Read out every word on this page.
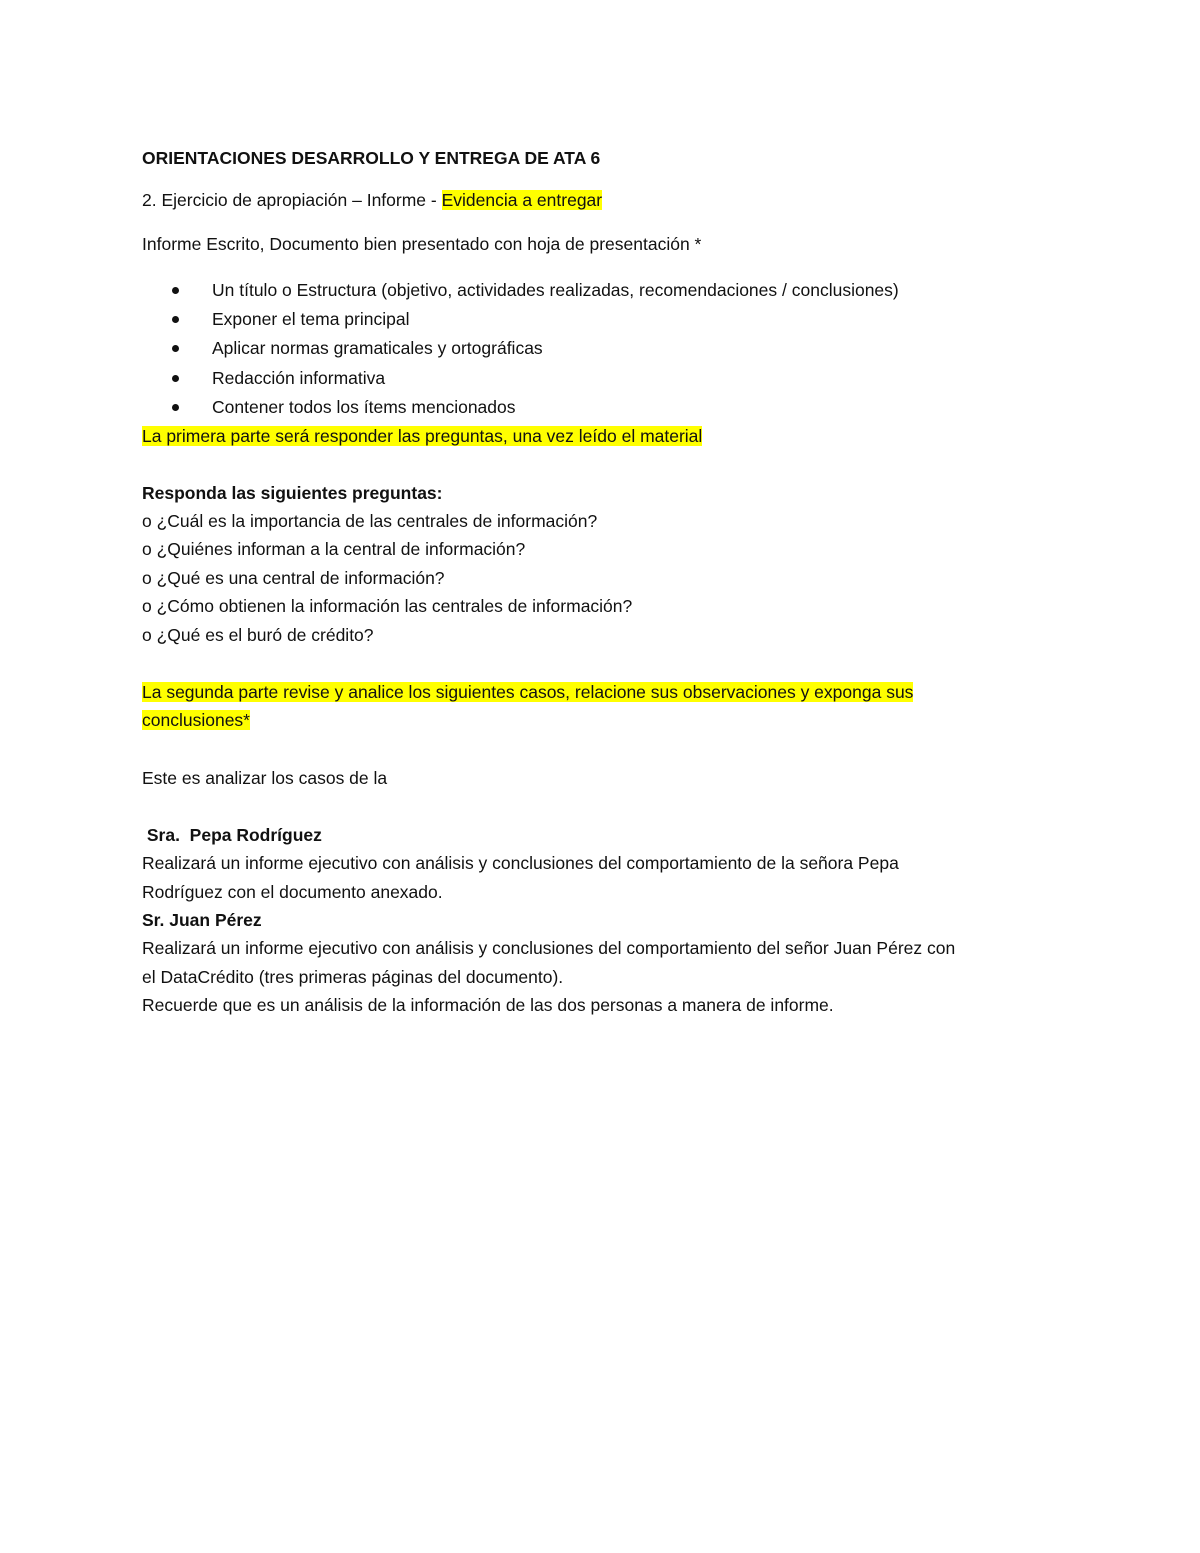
ORIENTACIONES DESARROLLO Y ENTREGA DE ATA 6
2. Ejercicio de apropiación – Informe - Evidencia a entregar
Informe Escrito, Documento bien presentado con hoja de presentación *
Un título o Estructura (objetivo, actividades realizadas, recomendaciones / conclusiones)
Exponer el tema principal
Aplicar normas gramaticales y ortográficas
Redacción informativa
Contener todos los ítems mencionados
La primera parte será responder las preguntas, una vez leído el material
Responda las siguientes preguntas:
o ¿Cuál es la importancia de las centrales de información?
o ¿Quiénes informan a la central de información?
o ¿Qué es una central de información?
o ¿Cómo obtienen la información las centrales de información?
o ¿Qué es el buró de crédito?
La segunda parte revise y analice los siguientes casos, relacione sus observaciones y exponga sus
conclusiones*
Este es analizar los casos de la
Sra.  Pepa Rodríguez
Realizará un informe ejecutivo con análisis y conclusiones del comportamiento de la señora Pepa
Rodríguez con el documento anexado.
Sr. Juan Pérez
Realizará un informe ejecutivo con análisis y conclusiones del comportamiento del señor Juan Pérez con
el DataCrédito (tres primeras páginas del documento).
Recuerde que es un análisis de la información de las dos personas a manera de informe.
